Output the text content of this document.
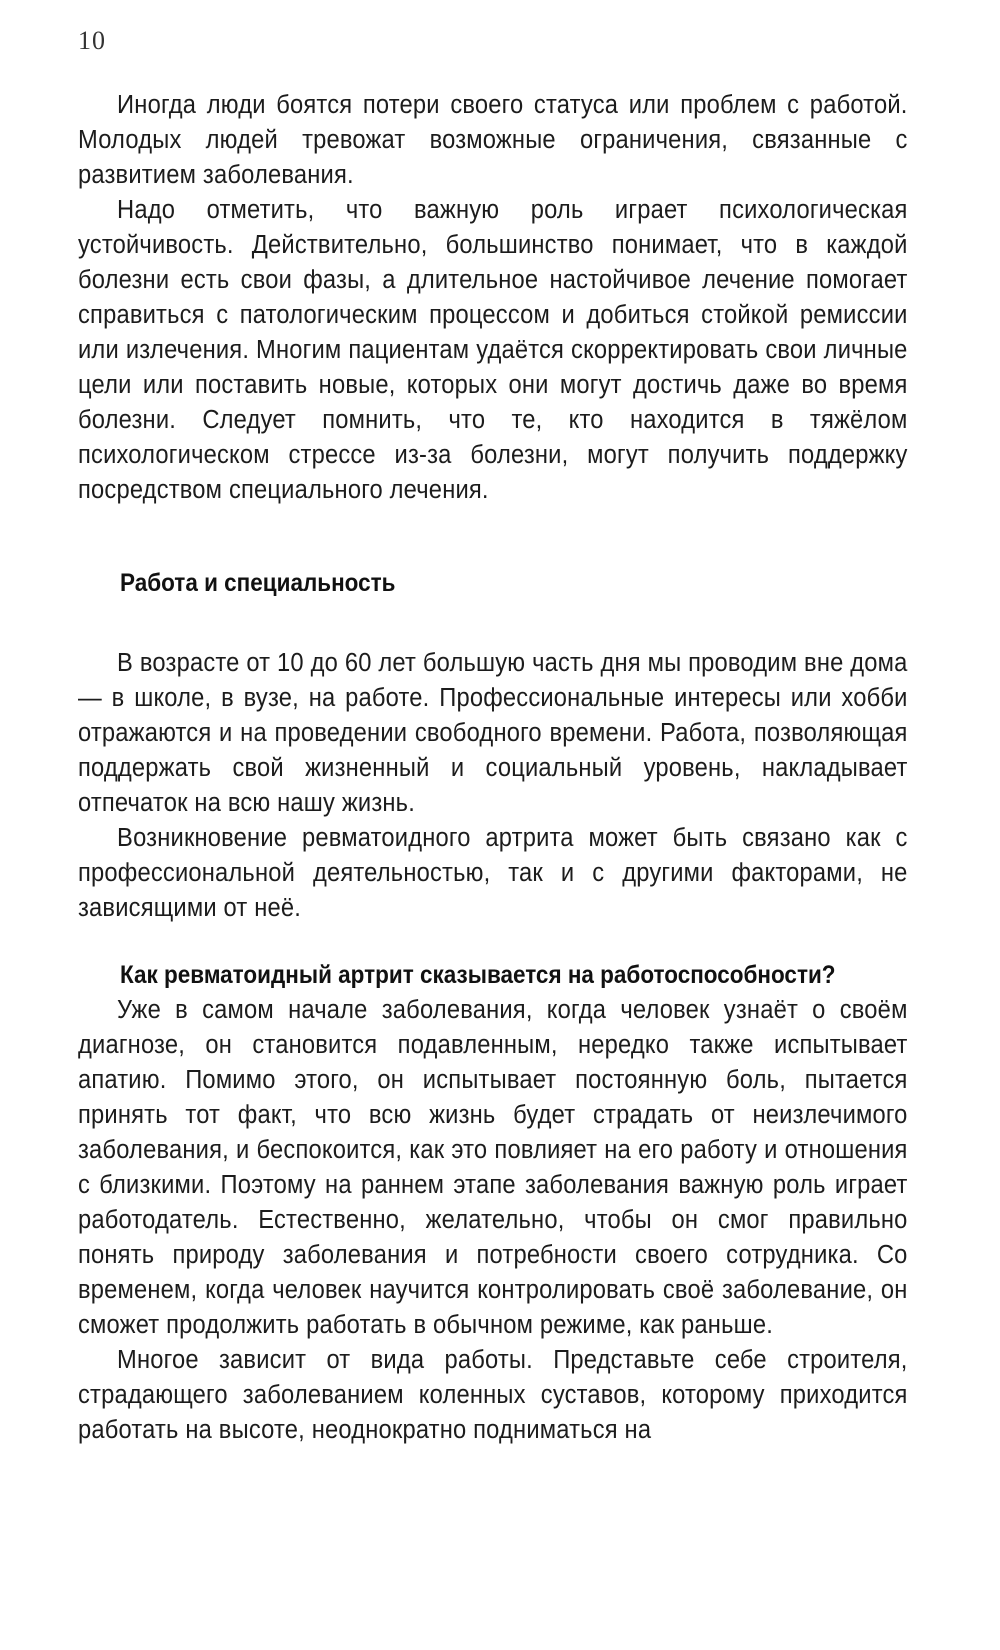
10

Иногда люди боятся потери своего статуса или проблем с работой. Молодых людей тревожат возможные ограничения, связанные с развитием заболевания.

Надо отметить, что важную роль играет психологическая устойчивость. Действительно, большинство понимает, что в каждой болезни есть свои фазы, а длительное настойчивое лечение помогает справиться с патологическим процессом и добиться стойкой ремиссии или излечения. Многим пациентам удаётся скорректировать свои личные цели или поставить новые, которых они могут достичь даже во время болезни. Следует помнить, что те, кто находится в тяжёлом психологическом стрессе из-за болезни, могут получить поддержку посредством специального лечения.

Работа и специальность

В возрасте от 10 до 60 лет большую часть дня мы проводим вне дома — в школе, в вузе, на работе. Профессиональные интересы или хобби отражаются и на проведении свободного времени. Работа, позволяющая поддержать свой жизненный и социальный уровень, накладывает отпечаток на всю нашу жизнь.

Возникновение ревматоидного артрита может быть связано как с профессиональной деятельностью, так и с другими факторами, не зависящими от неё.

Как ревматоидный артрит сказывается на работоспособности?

Уже в самом начале заболевания, когда человек узнаёт о своём диагнозе, он становится подавленным, нередко также испытывает апатию. Помимо этого, он испытывает постоянную боль, пытается принять тот факт, что всю жизнь будет страдать от неизлечимого заболевания, и беспокоится, как это повлияет на его работу и отношения с близкими. Поэтому на раннем этапе заболевания важную роль играет работодатель. Естественно, желательно, чтобы он смог правильно понять природу заболевания и потребности своего сотрудника. Со временем, когда человек научится контролировать своё заболевание, он сможет продолжить работать в обычном режиме, как раньше.

Многое зависит от вида работы. Представьте себе строителя, страдающего заболеванием коленных суставов, которому приходится работать на высоте, неоднократно подниматься на
